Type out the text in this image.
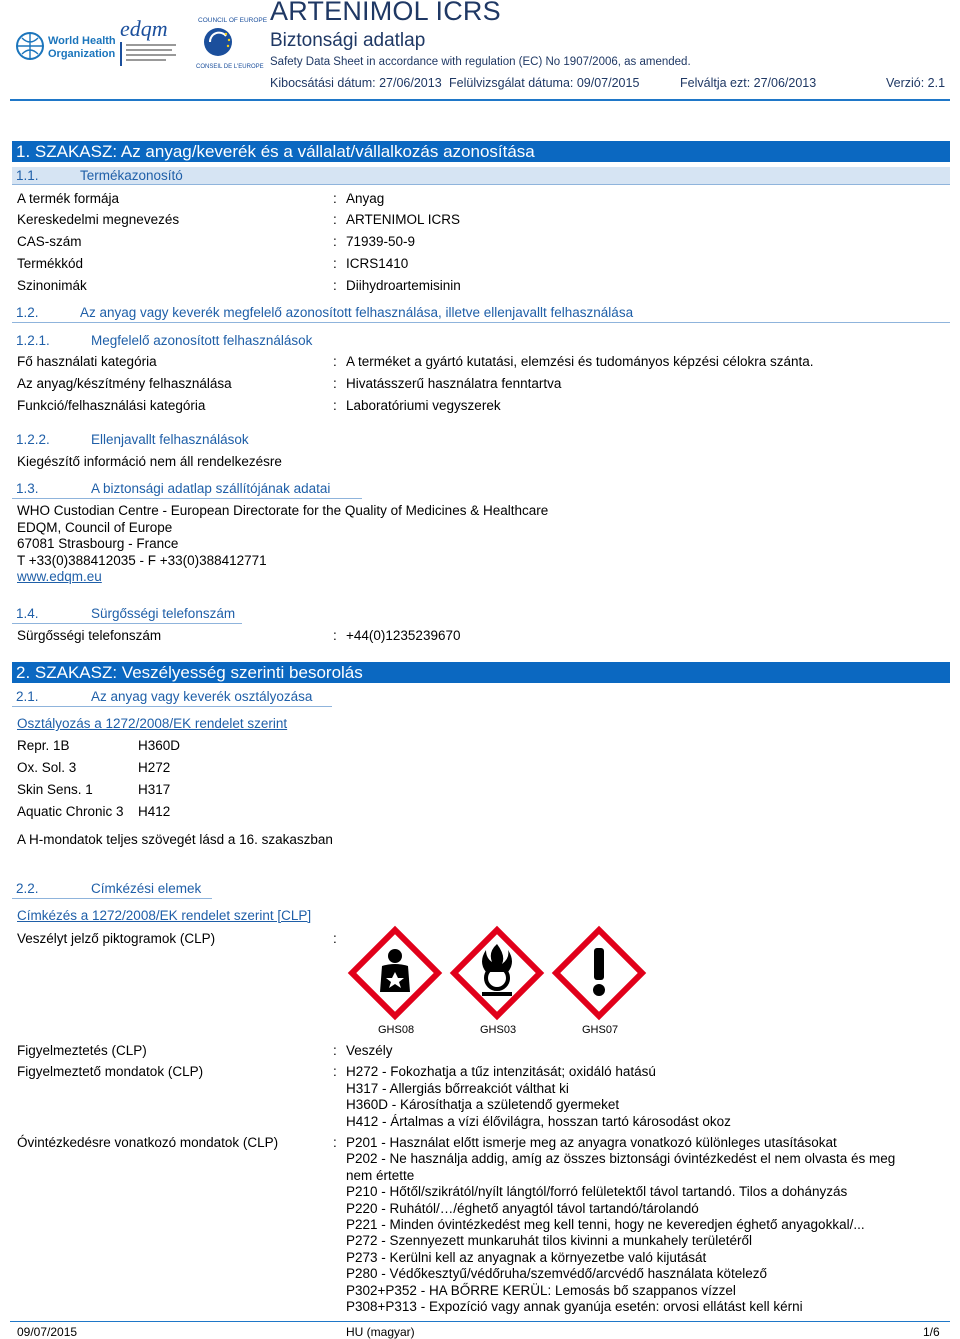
World Health
Organization
edqm	COUNCIL OF EUROPE
CONSEIL DE L'EUROPE
ARTENIMOL ICRS
Biztonsági adatlap
Safety Data Sheet in accordance with regulation (EC) No 1907/2006, as amended.
Kibocsátási dátum: 27/06/2013 Felülvizsgálat dátuma: 09/07/2015	Felváltja ezt: 27/06/2013	Verzió: 2.1
1. SZAKASZ: Az anyag/keverék és a vállalat/vállalkozás azonosítása
1.1.	Termékazonosító
A termék formája	: Anyag
Kereskedelmi megnevezés	: ARTENIMOL ICRS
CAS-szám	: 71939-50-9
Termékkód	: ICRS1410
Szinonimák	: Diihydroartemisinin
1.2.	Az anyag vagy keverék megfelelő azonosított felhasználása, illetve ellenjavallt felhasználása
1.2.1.	Megfelelő azonosított felhasználások
Fő használati kategória	: A terméket a gyártó kutatási, elemzési és tudományos képzési célokra szánta.
Az anyag/készítmény felhasználása	: Hivatásszerű használatra fenntartva
Funkció/felhasználási kategória	: Laboratóriumi vegyszerek
1.2.2.	Ellenjavallt felhasználások
Kiegészítő információ nem áll rendelkezésre
1.3.	A biztonsági adatlap szállítójának adatai
WHO Custodian Centre - European Directorate for the Quality of Medicines & Healthcare
EDQM, Council of Europe
67081 Strasbourg - France
T +33(0)388412035 - F +33(0)388412771
www.edqm.eu
1.4.	Sürgősségi telefonszám
Sürgősségi telefonszám	: +44(0)1235239670
2. SZAKASZ: Veszélyesség szerinti besorolás
2.1.	Az anyag vagy keverék osztályozása
Osztályozás a 1272/2008/EK rendelet szerint
Repr. 1B	H360D
Ox. Sol. 3	H272
Skin Sens. 1	H317
Aquatic Chronic 3 H412
A H-mondatok teljes szövegét lásd a 16. szakaszban
2.2.	Címkézési elemek
Címkézés a 1272/2008/EK rendelet szerint [CLP]
Veszélyt jelző piktogramok (CLP)	:
GHS08	GHS03	GHS07
Figyelmeztetés (CLP)	: Veszély
Figyelmeztető mondatok (CLP)	: H272 - Fokozhatja a tűz intenzitását; oxidáló hatású
H317 - Allergiás bőrreakciót válthat ki
H360D - Károsíthatja a születendő gyermeket
H412 - Ártalmas a vízi élővilágra, hosszan tartó károsodást okoz
Óvintézkedésre vonatkozó mondatok (CLP)	: P201 - Használat előtt ismerje meg az anyagra vonatkozó különleges utasításokat
P202 - Ne használja addig, amíg az összes biztonsági óvintézkedést el nem olvasta és meg
nem értette
P210 - Hőtől/szikrától/nyílt lángtól/forró felületektől távol tartandó. Tilos a dohányzás
P220 - Ruhától/…/éghető anyagtól távol tartandó/tárolandó
P221 - Minden óvintézkedést meg kell tenni, hogy ne keveredjen éghető anyagokkal/...
P272 - Szennyezett munkaruhát tilos kivinni a munkahely területéről
P273 - Kerülni kell az anyagnak a környezetbe való kijutását
P280 - Védőkesztyű/védőruha/szemvédő/arcvédő használata kötelező
P302+P352 - HA BŐRRE KERÜL: Lemosás bő szappanos vízzel
P308+P313 - Expozíció vagy annak gyanúja esetén: orvosi ellátást kell kérni
09/07/2015	HU (magyar)	1/6
